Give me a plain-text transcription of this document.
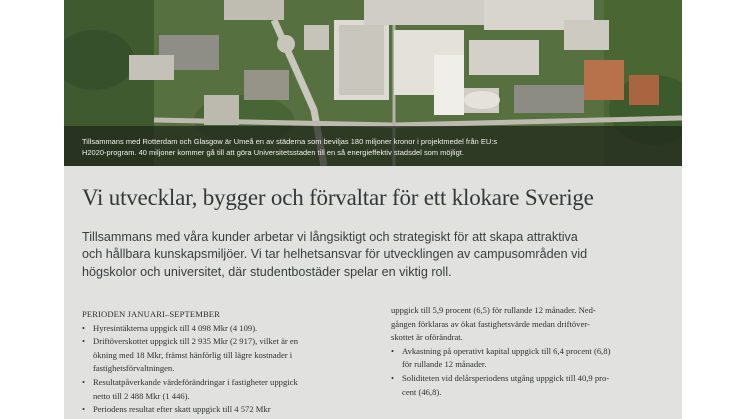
Tillsammans med Rotterdam och Glasgow är Umeå en av städerna som beviljas 180 miljoner kronor i projektmedel från EU:s
H2020-program. 40 miljoner kommer gå till att göra Universitetsstaden till en så energieffektiv stadsdel som möjligt.
Vi utvecklar, bygger och förvaltar för ett klokare Sverige

Tillsammans med våra kunder arbetar vi långsiktigt och strategiskt för att skapa attraktiva
och hållbara kunskapsmiljöer. Vi tar helhetsansvar för utvecklingen av campusområden vid
högskolor och universitet, där studentbostäder spelar en viktig roll.

PERIODEN JANUARI–SEPTEMBER
• Hyresintäkterna uppgick till 4 098 Mkr (4 109).
• Driftöverskottet uppgick till 2 935 Mkr (2 917), vilket är en
ökning med 18 Mkr, främst hänförlig till lägre kostnader i
fastighetsförvaltningen.
• Resultatpåverkande värdeförändringar i fastigheter uppgick
netto till 2 488 Mkr (1 446).
• Periodens resultat efter skatt uppgick till 4 572 Mkr
uppgick till 5,9 procent (6,5) för rullande 12 månader. Ned-
gången förklaras av ökat fastighetsvärde medan driftöver-
skottet är oförändrat.
• Avkastning på operativt kapital uppgick till 6,4 procent (6,8)
för rullande 12 månader.
• Soliditeten vid delårsperiodens utgång uppgick till 40,9 pro-
cent (46,8).
